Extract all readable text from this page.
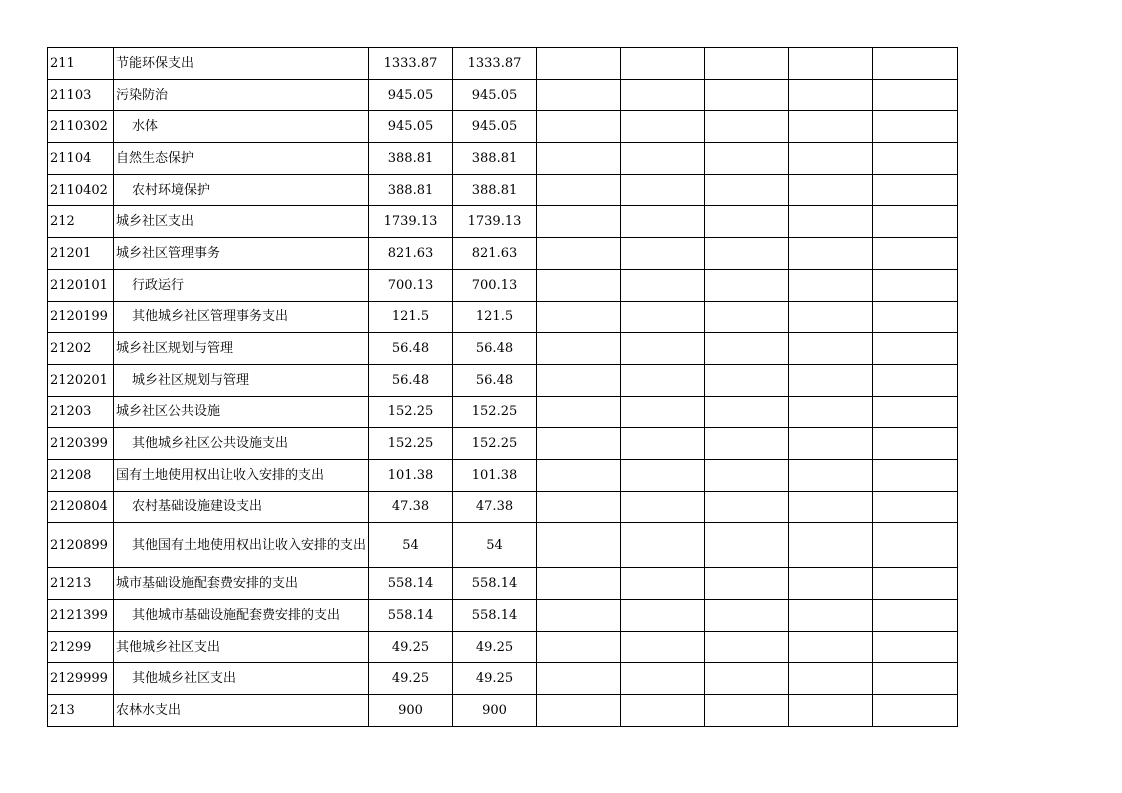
211	节能环保支出	1333.87	1333.87					
21103	污染防治	945.05	945.05					
2110302	水体	945.05	945.05					
21104	自然生态保护	388.81	388.81					
2110402	农村环境保护	388.81	388.81					
212	城乡社区支出	1739.13	1739.13					
21201	城乡社区管理事务	821.63	821.63					
2120101	行政运行	700.13	700.13					
2120199	其他城乡社区管理事务支出	121.5	121.5					
21202	城乡社区规划与管理	56.48	56.48					
2120201	城乡社区规划与管理	56.48	56.48					
21203	城乡社区公共设施	152.25	152.25					
2120399	其他城乡社区公共设施支出	152.25	152.25					
21208	国有土地使用权出让收入安排的支出	101.38	101.38					
2120804	农村基础设施建设支出	47.38	47.38					
2120899	其他国有土地使用权出让收入安排的支出	54	54					
21213	城市基础设施配套费安排的支出	558.14	558.14					
2121399	其他城市基础设施配套费安排的支出	558.14	558.14					
21299	其他城乡社区支出	49.25	49.25					
2129999	其他城乡社区支出	49.25	49.25					
213	农林水支出	900	900					
